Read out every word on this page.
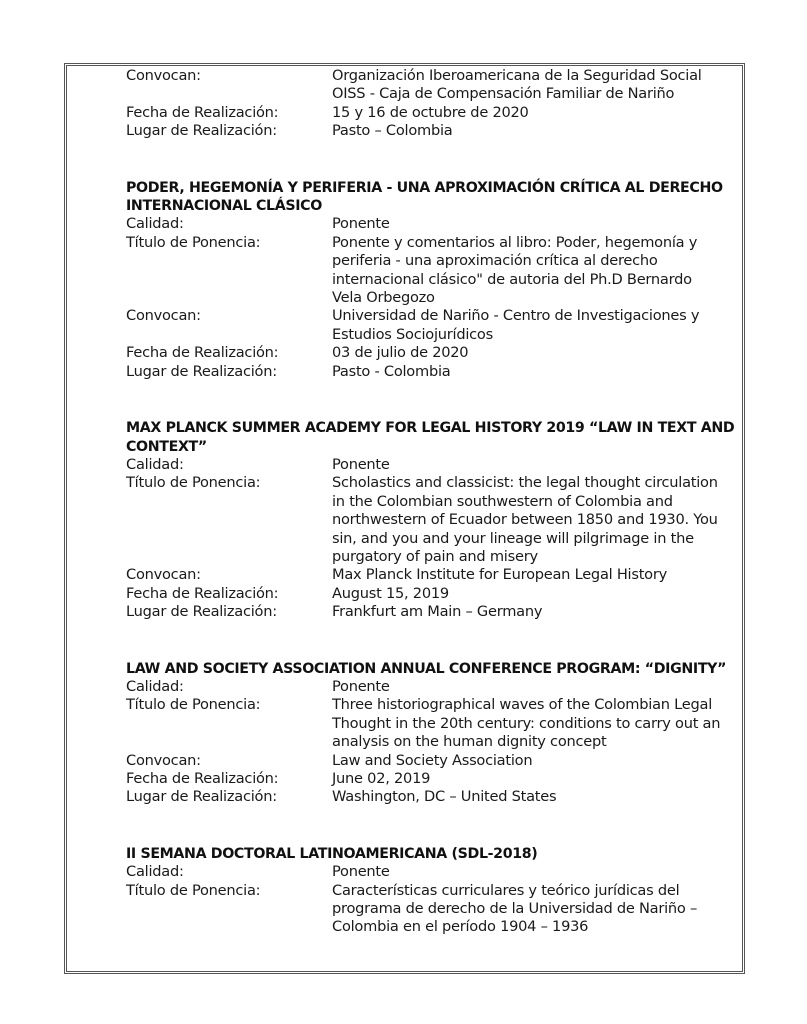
Convocan:	Organización Iberoamericana de la Seguridad Social
OISS - Caja de Compensación Familiar de Nariño
Fecha de Realización:	15 y 16 de octubre de 2020
Lugar de Realización:	Pasto – Colombia
PODER, HEGEMONÍA Y PERIFERIA - UNA APROXIMACIÓN CRÍTICA AL DERECHO
INTERNACIONAL CLÁSICO
Calidad:	Ponente
Título de Ponencia:	Ponente y comentarios al libro: Poder, hegemonía y
periferia - una aproximación crítica al derecho
internacional clásico" de autoria del Ph.D Bernardo
Vela Orbegozo
Convocan:	Universidad de Nariño - Centro de Investigaciones y
Estudios Sociojurídicos
Fecha de Realización:	03 de julio de 2020
Lugar de Realización:	Pasto - Colombia
MAX PLANCK SUMMER ACADEMY FOR LEGAL HISTORY 2019 “LAW IN TEXT AND
CONTEXT”
Calidad:	Ponente
Título de Ponencia:	Scholastics and classicist: the legal thought circulation
in the Colombian southwestern of Colombia and
northwestern of Ecuador between 1850 and 1930. You
sin, and you and your lineage will pilgrimage in the
purgatory of pain and misery
Convocan:	Max Planck Institute for European Legal History
Fecha de Realización:	August 15, 2019
Lugar de Realización:	Frankfurt am Main – Germany
LAW AND SOCIETY ASSOCIATION ANNUAL CONFERENCE PROGRAM: “DIGNITY”
Calidad:	Ponente
Título de Ponencia:	Three historiographical waves of the Colombian Legal
Thought in the 20th century: conditions to carry out an
analysis on the human dignity concept
Convocan:	Law and Society Association
Fecha de Realización:	June 02, 2019
Lugar de Realización:	Washington, DC – United States
II SEMANA DOCTORAL LATINOAMERICANA (SDL-2018)
Calidad:	Ponente
Título de Ponencia:	Características curriculares y teórico jurídicas del
programa de derecho de la Universidad de Nariño –
Colombia en el período 1904 – 1936
